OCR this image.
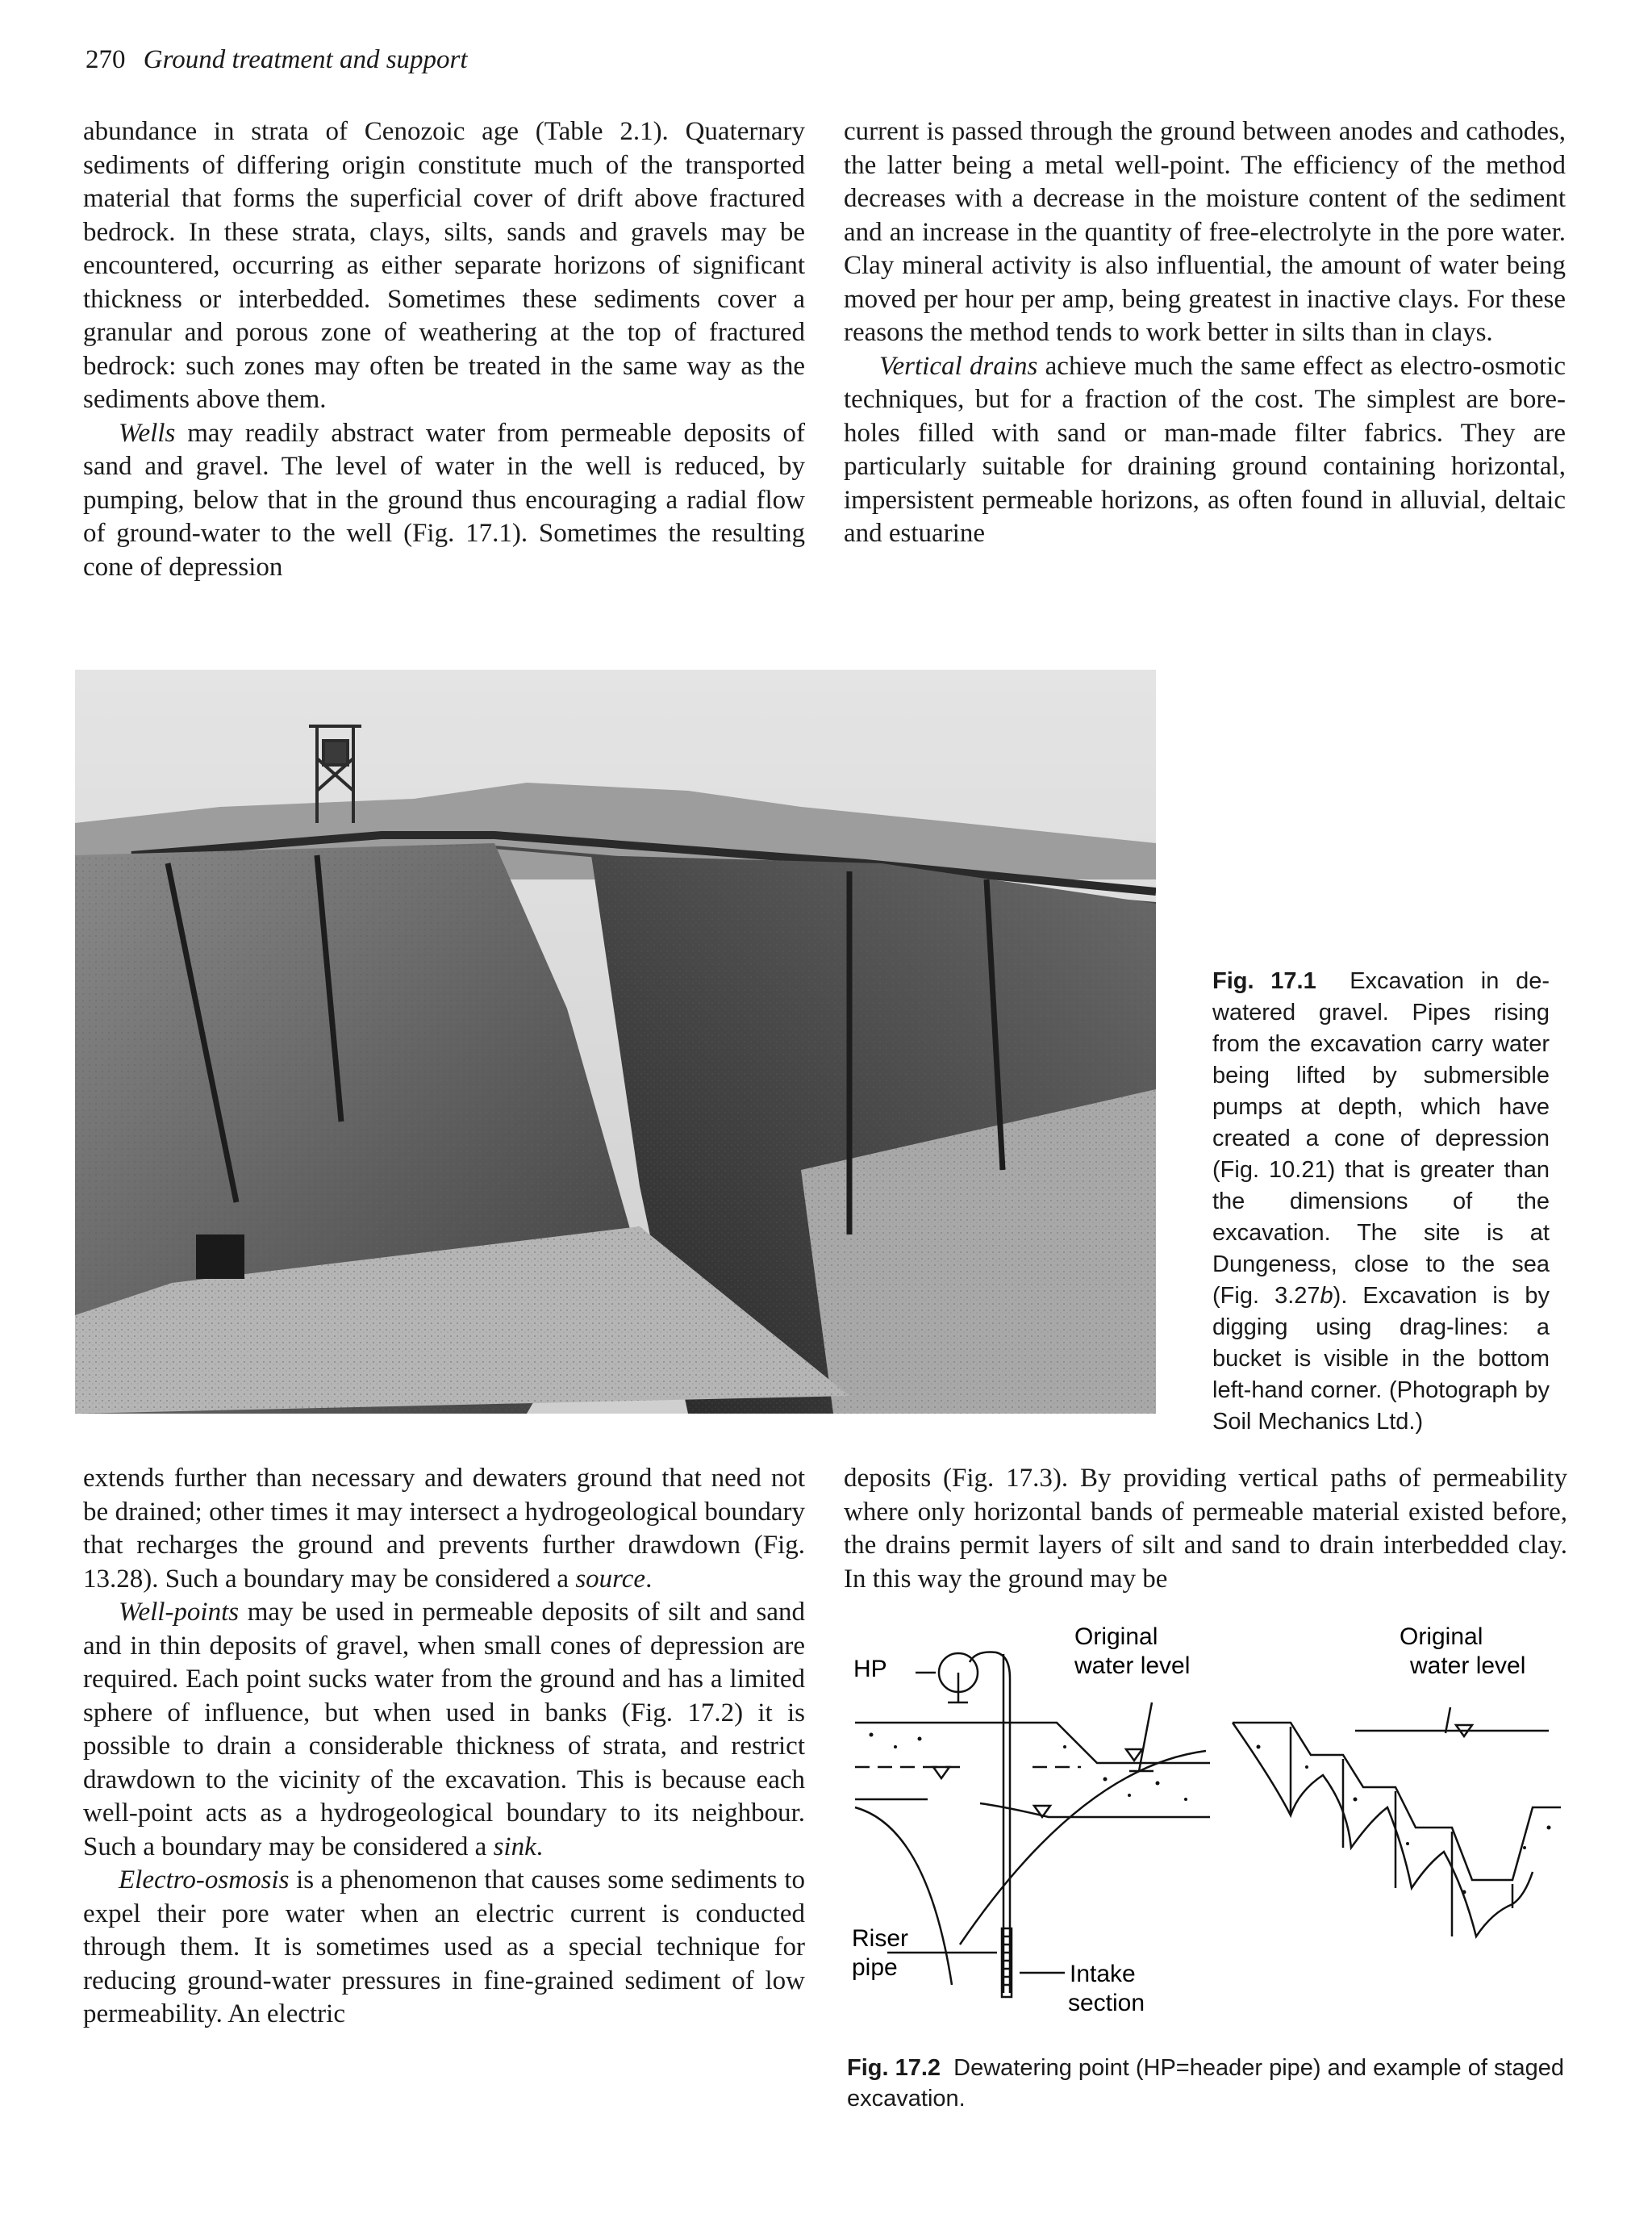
270 Ground treatment and support

abundance in strata of Cenozoic age (Table 2.1). Quaternary sediments of differing origin constitute much of the transported material that forms the superficial cover of drift above fractured bedrock. In these strata, clays, silts, sands and gravels may be encountered, occurring as either separate horizons of significant thickness or interbedded. Sometimes these sediments cover a granular and porous zone of weathering at the top of fractured bedrock: such zones may often be treated in the same way as the sediments above them.

Wells may readily abstract water from permeable deposits of sand and gravel. The level of water in the well is reduced, by pumping, below that in the ground thus encouraging a radial flow of ground-water to the well (Fig. 17.1). Sometimes the resulting cone of depression

current is passed through the ground between anodes and cathodes, the latter being a metal well-point. The efficiency of the method decreases with a decrease in the moisture content of the sediment and an increase in the quantity of free-electrolyte in the pore water. Clay mineral activity is also influential, the amount of water being moved per hour per amp, being greatest in inactive clays. For these reasons the method tends to work better in silts than in clays.

Vertical drains achieve much the same effect as electro-osmotic techniques, but for a fraction of the cost. The simplest are bore-holes filled with sand or man-made filter fabrics. They are particularly suitable for draining ground containing horizontal, impersistent permeable horizons, as often found in alluvial, deltaic and estuarine

Fig. 17.1 Excavation in de-watered gravel. Pipes rising from the excavation carry water being lifted by submersible pumps at depth, which have created a cone of depression (Fig. 10.21) that is greater than the dimensions of the excavation. The site is at Dungeness, close to the sea (Fig. 3.27b). Excavation is by digging using drag-lines: a bucket is visible in the bottom left-hand corner. (Photograph by Soil Mechanics Ltd.)

extends further than necessary and dewaters ground that need not be drained; other times it may intersect a hydrogeological boundary that recharges the ground and prevents further drawdown (Fig. 13.28). Such a boundary may be considered a source.

Well-points may be used in permeable deposits of silt and sand and in thin deposits of gravel, when small cones of depression are required. Each point sucks water from the ground and has a limited sphere of influence, but when used in banks (Fig. 17.2) it is possible to drain a considerable thickness of strata, and restrict drawdown to the vicinity of the excavation. This is because each well-point acts as a hydrogeological boundary to its neighbour. Such a boundary may be considered a sink.

Electro-osmosis is a phenomenon that causes some sediments to expel their pore water when an electric current is conducted through them. It is sometimes used as a special technique for reducing ground-water pressures in fine-grained sediment of low permeability. An electric

deposits (Fig. 17.3). By providing vertical paths of permeability where only horizontal bands of permeable material existed before, the drains permit layers of silt and sand to drain interbedded clay. In this way the ground may be

HP
Original
water level
Original
water level
Riser
pipe	Intake
section
Fig. 17.2 Dewatering point (HP=header pipe) and example of staged excavation.
